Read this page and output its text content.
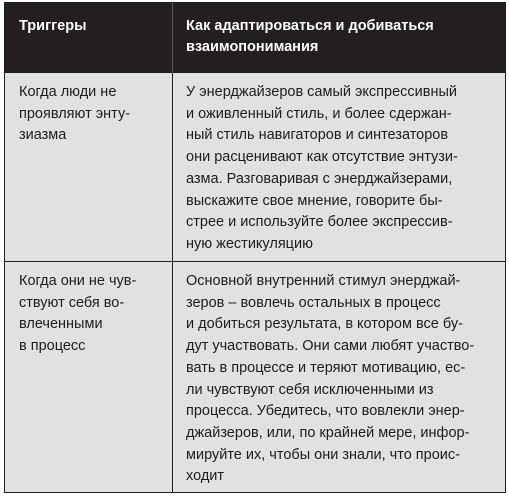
Триггеры	Как адаптироваться и добиваться
взаимопонимания
Когда люди не
проявляют энту-
зиазма
У энерджайзеров самый экспрессивный
и оживленный стиль, и более сдержан-
ный стиль навигаторов и синтезаторов
они расценивают как отсутствие энтузи-
азма. Разговаривая с энерджайзерами,
выскажите свое мнение, говорите бы-
стрее и используйте более экспрессив-
ную жестикуляцию
Когда они не чув-
ствуют себя во-
влеченными
в процесс
Основной внутренний стимул энерджай-
зеров – вовлечь остальных в процесс
и добиться результата, в котором все бу-
дут участвовать. Они сами любят участво-
вать в процессе и теряют мотивацию, ес-
ли чувствуют себя исключенными из
процесса. Убедитесь, что вовлекли энер-
джайзеров, или, по крайней мере, инфор-
мируйте их, чтобы они знали, что проис-
ходит
